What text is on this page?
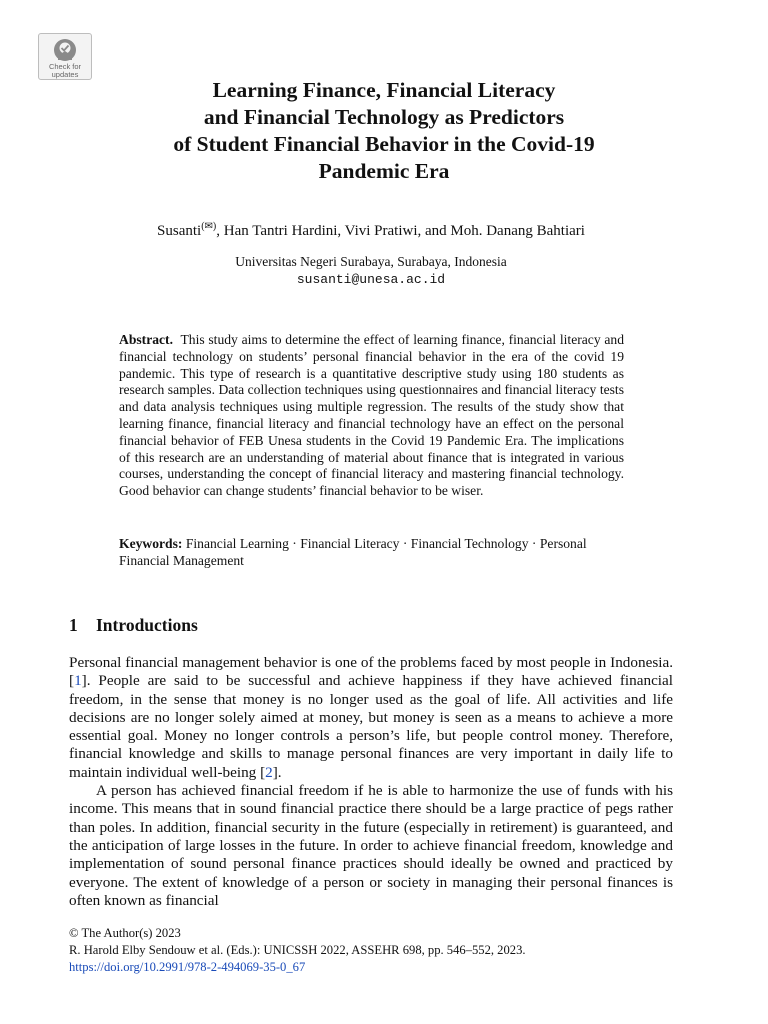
Check for
updates
Learning Finance, Financial Literacy
and Financial Technology as Predictors
of Student Financial Behavior in the Covid-19
Pandemic Era
Susanti(✉), Han Tantri Hardini, Vivi Pratiwi, and Moh. Danang Bahtiari
Universitas Negeri Surabaya, Surabaya, Indonesia
susanti@unesa.ac.id

Abstract. This study aims to determine the effect of learning finance, financial literacy and financial technology on students’ personal financial behavior in the era of the covid 19 pandemic. This type of research is a quantitative descriptive study using 180 students as research samples. Data collection techniques using questionnaires and financial literacy tests and data analysis techniques using multiple regression. The results of the study show that learning finance, financial literacy and financial technology have an effect on the personal financial behavior of FEB Unesa students in the Covid 19 Pandemic Era. The implications of this research are an understanding of material about finance that is integrated in various courses, understanding the concept of financial literacy and mastering financial technology. Good behavior can change students’ financial behavior to be wiser.

Keywords: Financial Learning · Financial Literacy · Financial Technology · Personal Financial Management

1 Introductions

Personal financial management behavior is one of the problems faced by most people in Indonesia. [1]. People are said to be successful and achieve happiness if they have achieved financial freedom, in the sense that money is no longer used as the goal of life. All activities and life decisions are no longer solely aimed at money, but money is seen as a means to achieve a more essential goal. Money no longer controls a person’s life, but people control money. Therefore, financial knowledge and skills to manage personal finances are very important in daily life to maintain individual well-being [2].

A person has achieved financial freedom if he is able to harmonize the use of funds with his income. This means that in sound financial practice there should be a large practice of pegs rather than poles. In addition, financial security in the future (especially in retirement) is guaranteed, and the anticipation of large losses in the future. In order to achieve financial freedom, knowledge and implementation of sound personal finance practices should ideally be owned and practiced by everyone. The extent of knowledge of a person or society in managing their personal finances is often known as financial

© The Author(s) 2023
R. Harold Elby Sendouw et al. (Eds.): UNICSSH 2022, ASSEHR 698, pp. 546–552, 2023.
https://doi.org/10.2991/978-2-494069-35-0_67
